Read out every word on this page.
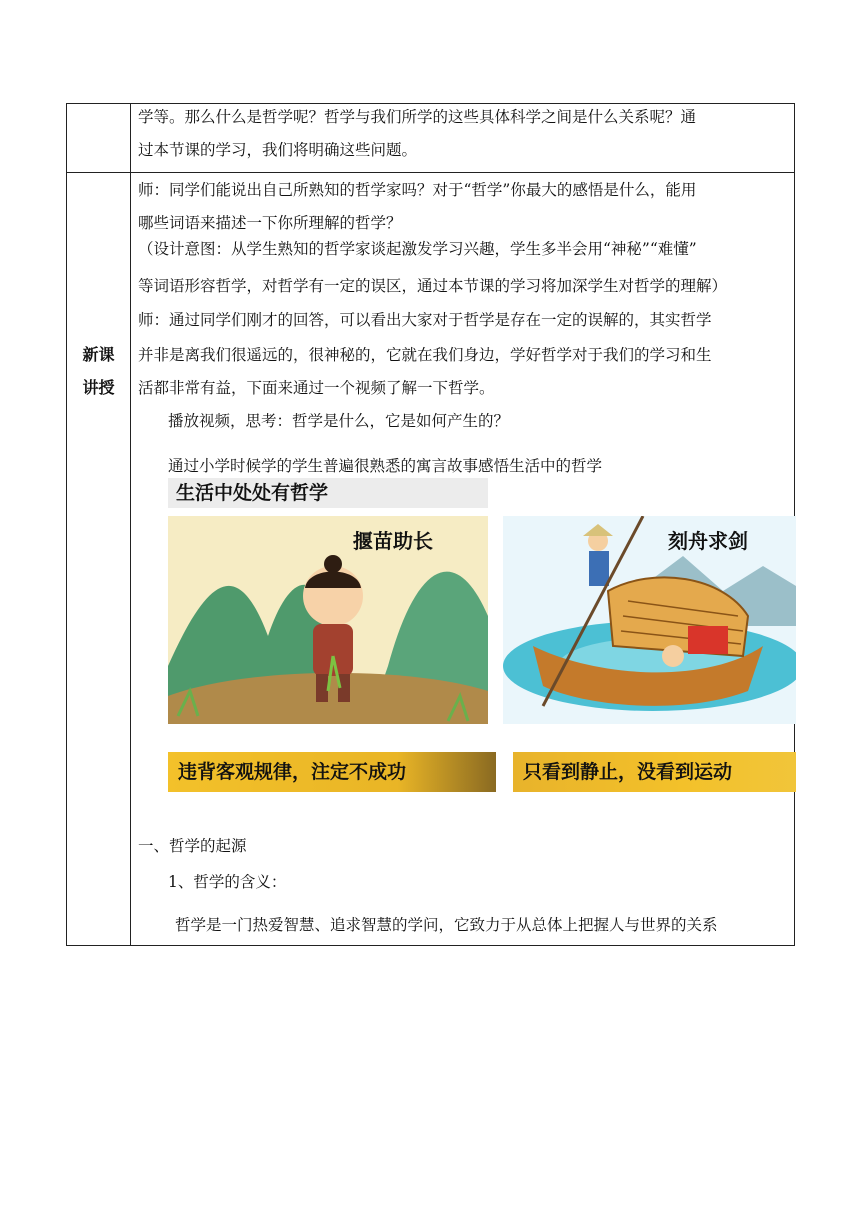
学等。那么什么是哲学呢？哲学与我们所学的这些具体科学之间是什么关系呢？通
过本节课的学习，我们将明确这些问题。
新课
讲授
师：同学们能说出自己所熟知的哲学家吗？对于“哲学”你最大的感悟是什么，能用
哪些词语来描述一下你所理解的哲学？
（设计意图：从学生熟知的哲学家谈起激发学习兴趣，学生多半会用“神秘”“难懂”
等词语形容哲学，对哲学有一定的误区，通过本节课的学习将加深学生对哲学的理解）
师：通过同学们刚才的回答，可以看出大家对于哲学是存在一定的误解的，其实哲学
并非是离我们很遥远的，很神秘的，它就在我们身边，学好哲学对于我们的学习和生
活都非常有益，下面来通过一个视频了解一下哲学。
播放视频，思考：哲学是什么，它是如何产生的？
通过小学时候学的学生普遍很熟悉的寓言故事感悟生活中的哲学
生活中处处有哲学
揠苗助长	刻舟求剑
违背客观规律，注定不成功	只看到静止，没看到运动
一、哲学的起源
1、哲学的含义：
哲学是一门热爱智慧、追求智慧的学问，它致力于从总体上把握人与世界的关系
